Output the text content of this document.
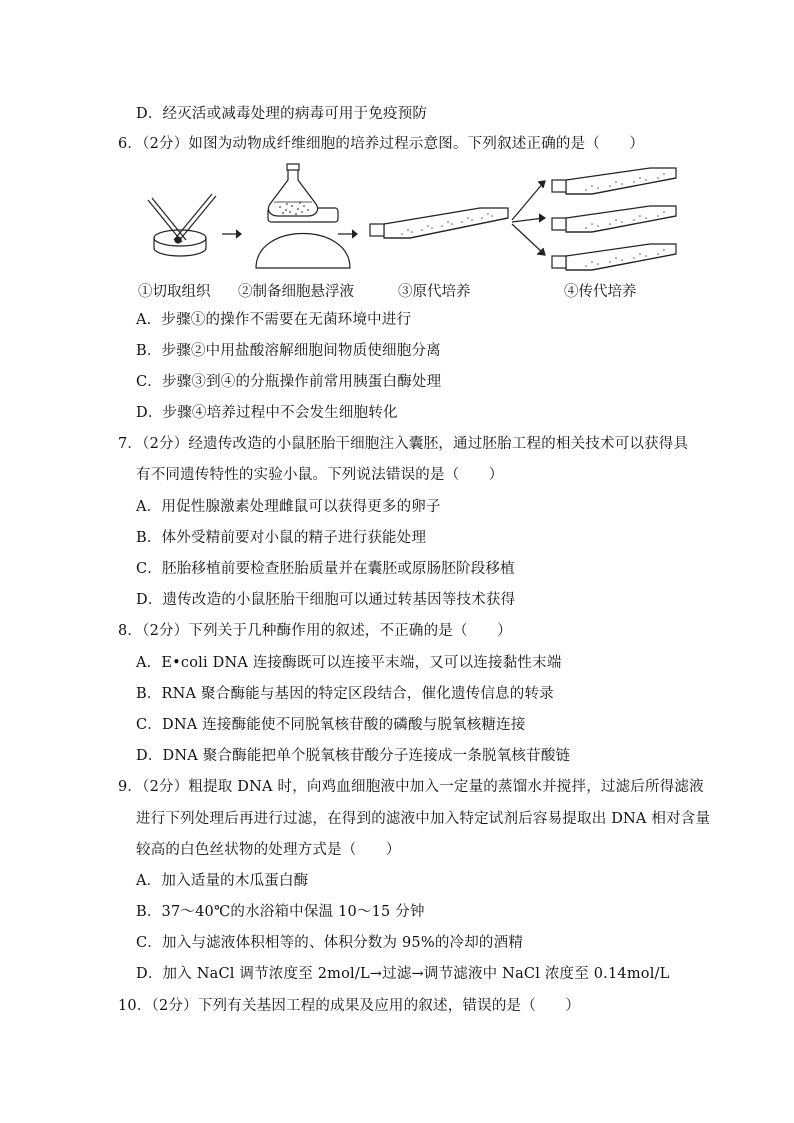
D．经灭活或减毒处理的病毒可用于免疫预防
6．（2分）如图为动物成纤维细胞的培养过程示意图。下列叙述正确的是（　　）
①切取组织 ②制备细胞悬浮液	③原代培养	④传代培养
A．步骤①的操作不需要在无菌环境中进行
B．步骤②中用盐酸溶解细胞间物质使细胞分离
C．步骤③到④的分瓶操作前常用胰蛋白酶处理
D．步骤④培养过程中不会发生细胞转化
7．（2分）经遗传改造的小鼠胚胎干细胞注入囊胚，通过胚胎工程的相关技术可以获得具
有不同遗传特性的实验小鼠。下列说法错误的是（　　）
A．用促性腺激素处理雌鼠可以获得更多的卵子
B．体外受精前要对小鼠的精子进行获能处理
C．胚胎移植前要检查胚胎质量并在囊胚或原肠胚阶段移植
D．遗传改造的小鼠胚胎干细胞可以通过转基因等技术获得
8．（2分）下列关于几种酶作用的叙述，不正确的是（　　）
A．E•coli DNA 连接酶既可以连接平末端，又可以连接黏性末端
B．RNA 聚合酶能与基因的特定区段结合，催化遗传信息的转录
C．DNA 连接酶能使不同脱氧核苷酸的磷酸与脱氧核糖连接
D．DNA 聚合酶能把单个脱氧核苷酸分子连接成一条脱氧核苷酸链
9．（2分）粗提取 DNA 时，向鸡血细胞液中加入一定量的蒸馏水并搅拌，过滤后所得滤液
进行下列处理后再进行过滤，在得到的滤液中加入特定试剂后容易提取出 DNA 相对含量
较高的白色丝状物的处理方式是（　　）
A．加入适量的木瓜蛋白酶
B．37～40℃的水浴箱中保温 10～15 分钟
C．加入与滤液体积相等的、体积分数为 95%的冷却的酒精
D．加入 NaCl 调节浓度至 2mol/L→过滤→调节滤液中 NaCl 浓度至 0.14mol/L
10．（2分）下列有关基因工程的成果及应用的叙述，错误的是（　　）
